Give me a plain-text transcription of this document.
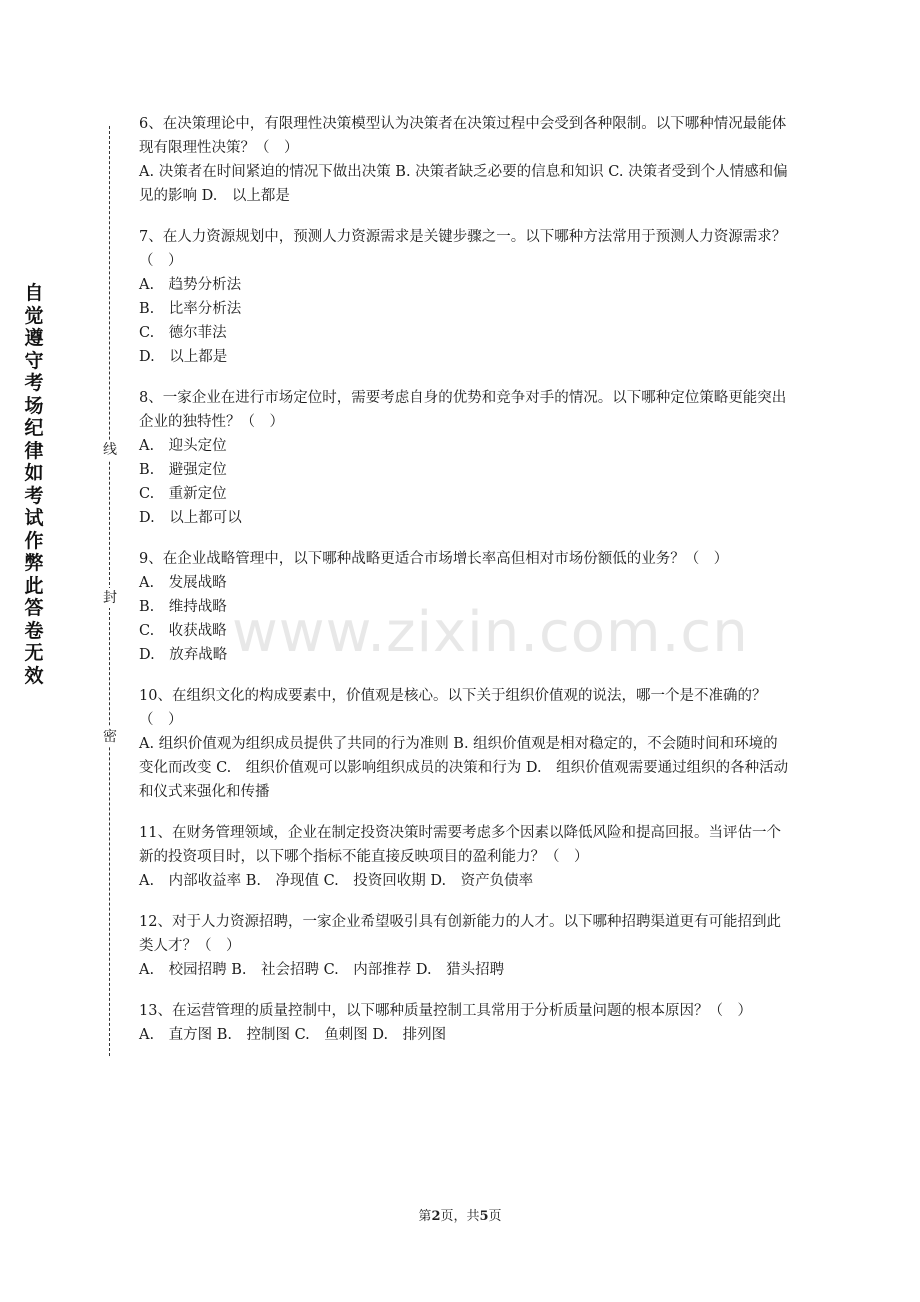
自觉遵守考场纪律如考试作弊此答卷无效
线
封
密
www.zixin.com.cn

6、在决策理论中，有限理性决策模型认为决策者在决策过程中会受到各种限制。以下哪种情况最能体现有限理性决策？（　）

A. 决策者在时间紧迫的情况下做出决策 B. 决策者缺乏必要的信息和知识 C. 决策者受到个人情感和偏见的影响 D.　以上都是

7、在人力资源规划中，预测人力资源需求是关键步骤之一。以下哪种方法常用于预测人力资源需求？（　）

A.　趋势分析法

B.　比率分析法

C.　德尔菲法

D.　以上都是

8、一家企业在进行市场定位时，需要考虑自身的优势和竞争对手的情况。以下哪种定位策略更能突出企业的独特性？（　）

A.　迎头定位

B.　避强定位

C.　重新定位

D.　以上都可以

9、在企业战略管理中，以下哪种战略更适合市场增长率高但相对市场份额低的业务？（　）

A.　发展战略

B.　维持战略

C.　收获战略

D.　放弃战略

10、在组织文化的构成要素中，价值观是核心。以下关于组织价值观的说法，哪一个是不准确的？（　）

A. 组织价值观为组织成员提供了共同的行为准则 B. 组织价值观是相对稳定的，不会随时间和环境的变化而改变 C.　组织价值观可以影响组织成员的决策和行为 D.　组织价值观需要通过组织的各种活动和仪式来强化和传播

11、在财务管理领域，企业在制定投资决策时需要考虑多个因素以降低风险和提高回报。当评估一个新的投资项目时，以下哪个指标不能直接反映项目的盈利能力？（　）

A.　内部收益率 B.　净现值 C.　投资回收期 D.　资产负债率

12、对于人力资源招聘，一家企业希望吸引具有创新能力的人才。以下哪种招聘渠道更有可能招到此类人才？（　）

A.　校园招聘 B.　社会招聘 C.　内部推荐 D.　猎头招聘

13、在运营管理的质量控制中，以下哪种质量控制工具常用于分析质量问题的根本原因？（　）

A.　直方图 B.　控制图 C.　鱼刺图 D.　排列图

第2页，共5页
